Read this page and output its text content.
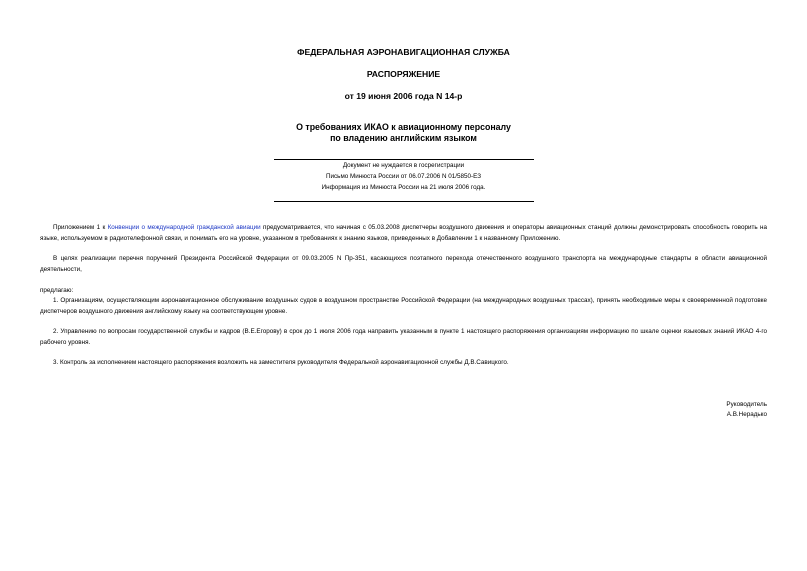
ФЕДЕРАЛЬНАЯ АЭРОНАВИГАЦИОННАЯ СЛУЖБА
РАСПОРЯЖЕНИЕ
от 19 июня 2006 года N 14-р
О требованиях ИКАО к авиационному персоналу
по владению английским языком
Документ не нуждается в госрегистрации
Письмо Минюста России от 06.07.2006 N 01/5850-ЕЗ
Информация из Минюста России на 21 июля 2006 года.
Приложением 1 к Конвенции о международной гражданской авиации предусматривается, что начиная с 05.03.2008 диспетчеры воздушного движения и операторы авиационных станций должны демонстрировать способность говорить на языке, используемом в радиотелефонной связи, и понимать его на уровне, указанном в требованиях к знанию языков, приведенных в Добавлении 1 к названному Приложению.
В целях реализации перечня поручений Президента Российской Федерации от 09.03.2005 N Пр-351, касающихся поэтапного перехода отечественного воздушного транспорта на международные стандарты в области авиационной деятельности,
предлагаю:
1. Организациям, осуществляющим аэронавигационное обслуживание воздушных судов в воздушном пространстве Российской Федерации (на международных воздушных трассах), принять необходимые меры к своевременной подготовке диспетчеров воздушного движения английскому языку на соответствующем уровне.
2. Управлению по вопросам государственной службы и кадров (В.Е.Егорову) в срок до 1 июля 2006 года направить указанным в пункте 1 настоящего распоряжения организациям информацию по шкале оценки языковых знаний ИКАО 4-го рабочего уровня.
3. Контроль за исполнением настоящего распоряжения возложить на заместителя руководителя Федеральной аэронавигационной службы Д.В.Савицкого.
Руководитель
А.В.Нерадько
